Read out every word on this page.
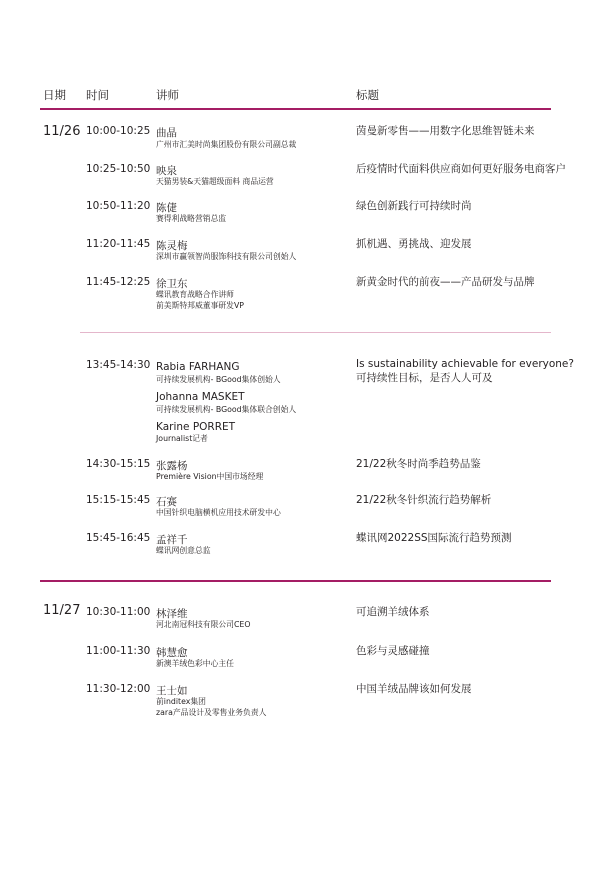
日期 时间	讲师	标题
11/26
11/27
10:00-10:25 曲晶
广州市汇美时尚集团股份有限公司副总裁
茵曼新零售——用数字化思维智链未来
10:25-10:50 映泉
天猫男装&天猫超级面料 商品运营
后疫情时代面料供应商如何更好服务电商客户
10:50-11:20 陈倢
赛得利战略营销总监
绿色创新践行可持续时尚
11:20-11:45 陈灵梅
深圳市赢领智尚服饰科技有限公司创始人
抓机遇、勇挑战、迎发展
11:45-12:25 徐卫东
蝶讯教育战略合作讲师
前美斯特邦威董事研发VP
新黄金时代的前夜——产品研发与品牌
13:45-14:30 Rabia FARHANG
可持续发展机构- BGood集体创始人
Is sustainability achievable for everyone?
可持续性目标，是否人人可及
Johanna MASKET
可持续发展机构- BGood集体联合创始人
Karine PORRET
Journalist记者
14:30-15:15 张露杨
Première Vision中国市场经理
21/22秋冬时尚季趋势品鉴
15:15-15:45 石赛
中国针织电脑横机应用技术研发中心
21/22秋冬针织流行趋势解析
15:45-16:45 孟祥千
蝶讯网创意总监
蝶讯网2022SS国际流行趋势预测
10:30-11:00 林泽维
河北南冠科技有限公司CEO
可追溯羊绒体系
11:00-11:30 韩慧愈
新澳羊绒色彩中心主任
色彩与灵感碰撞
11:30-12:00 王士如
前inditex集团
zara产品设计及零售业务负责人
中国羊绒品牌该如何发展
